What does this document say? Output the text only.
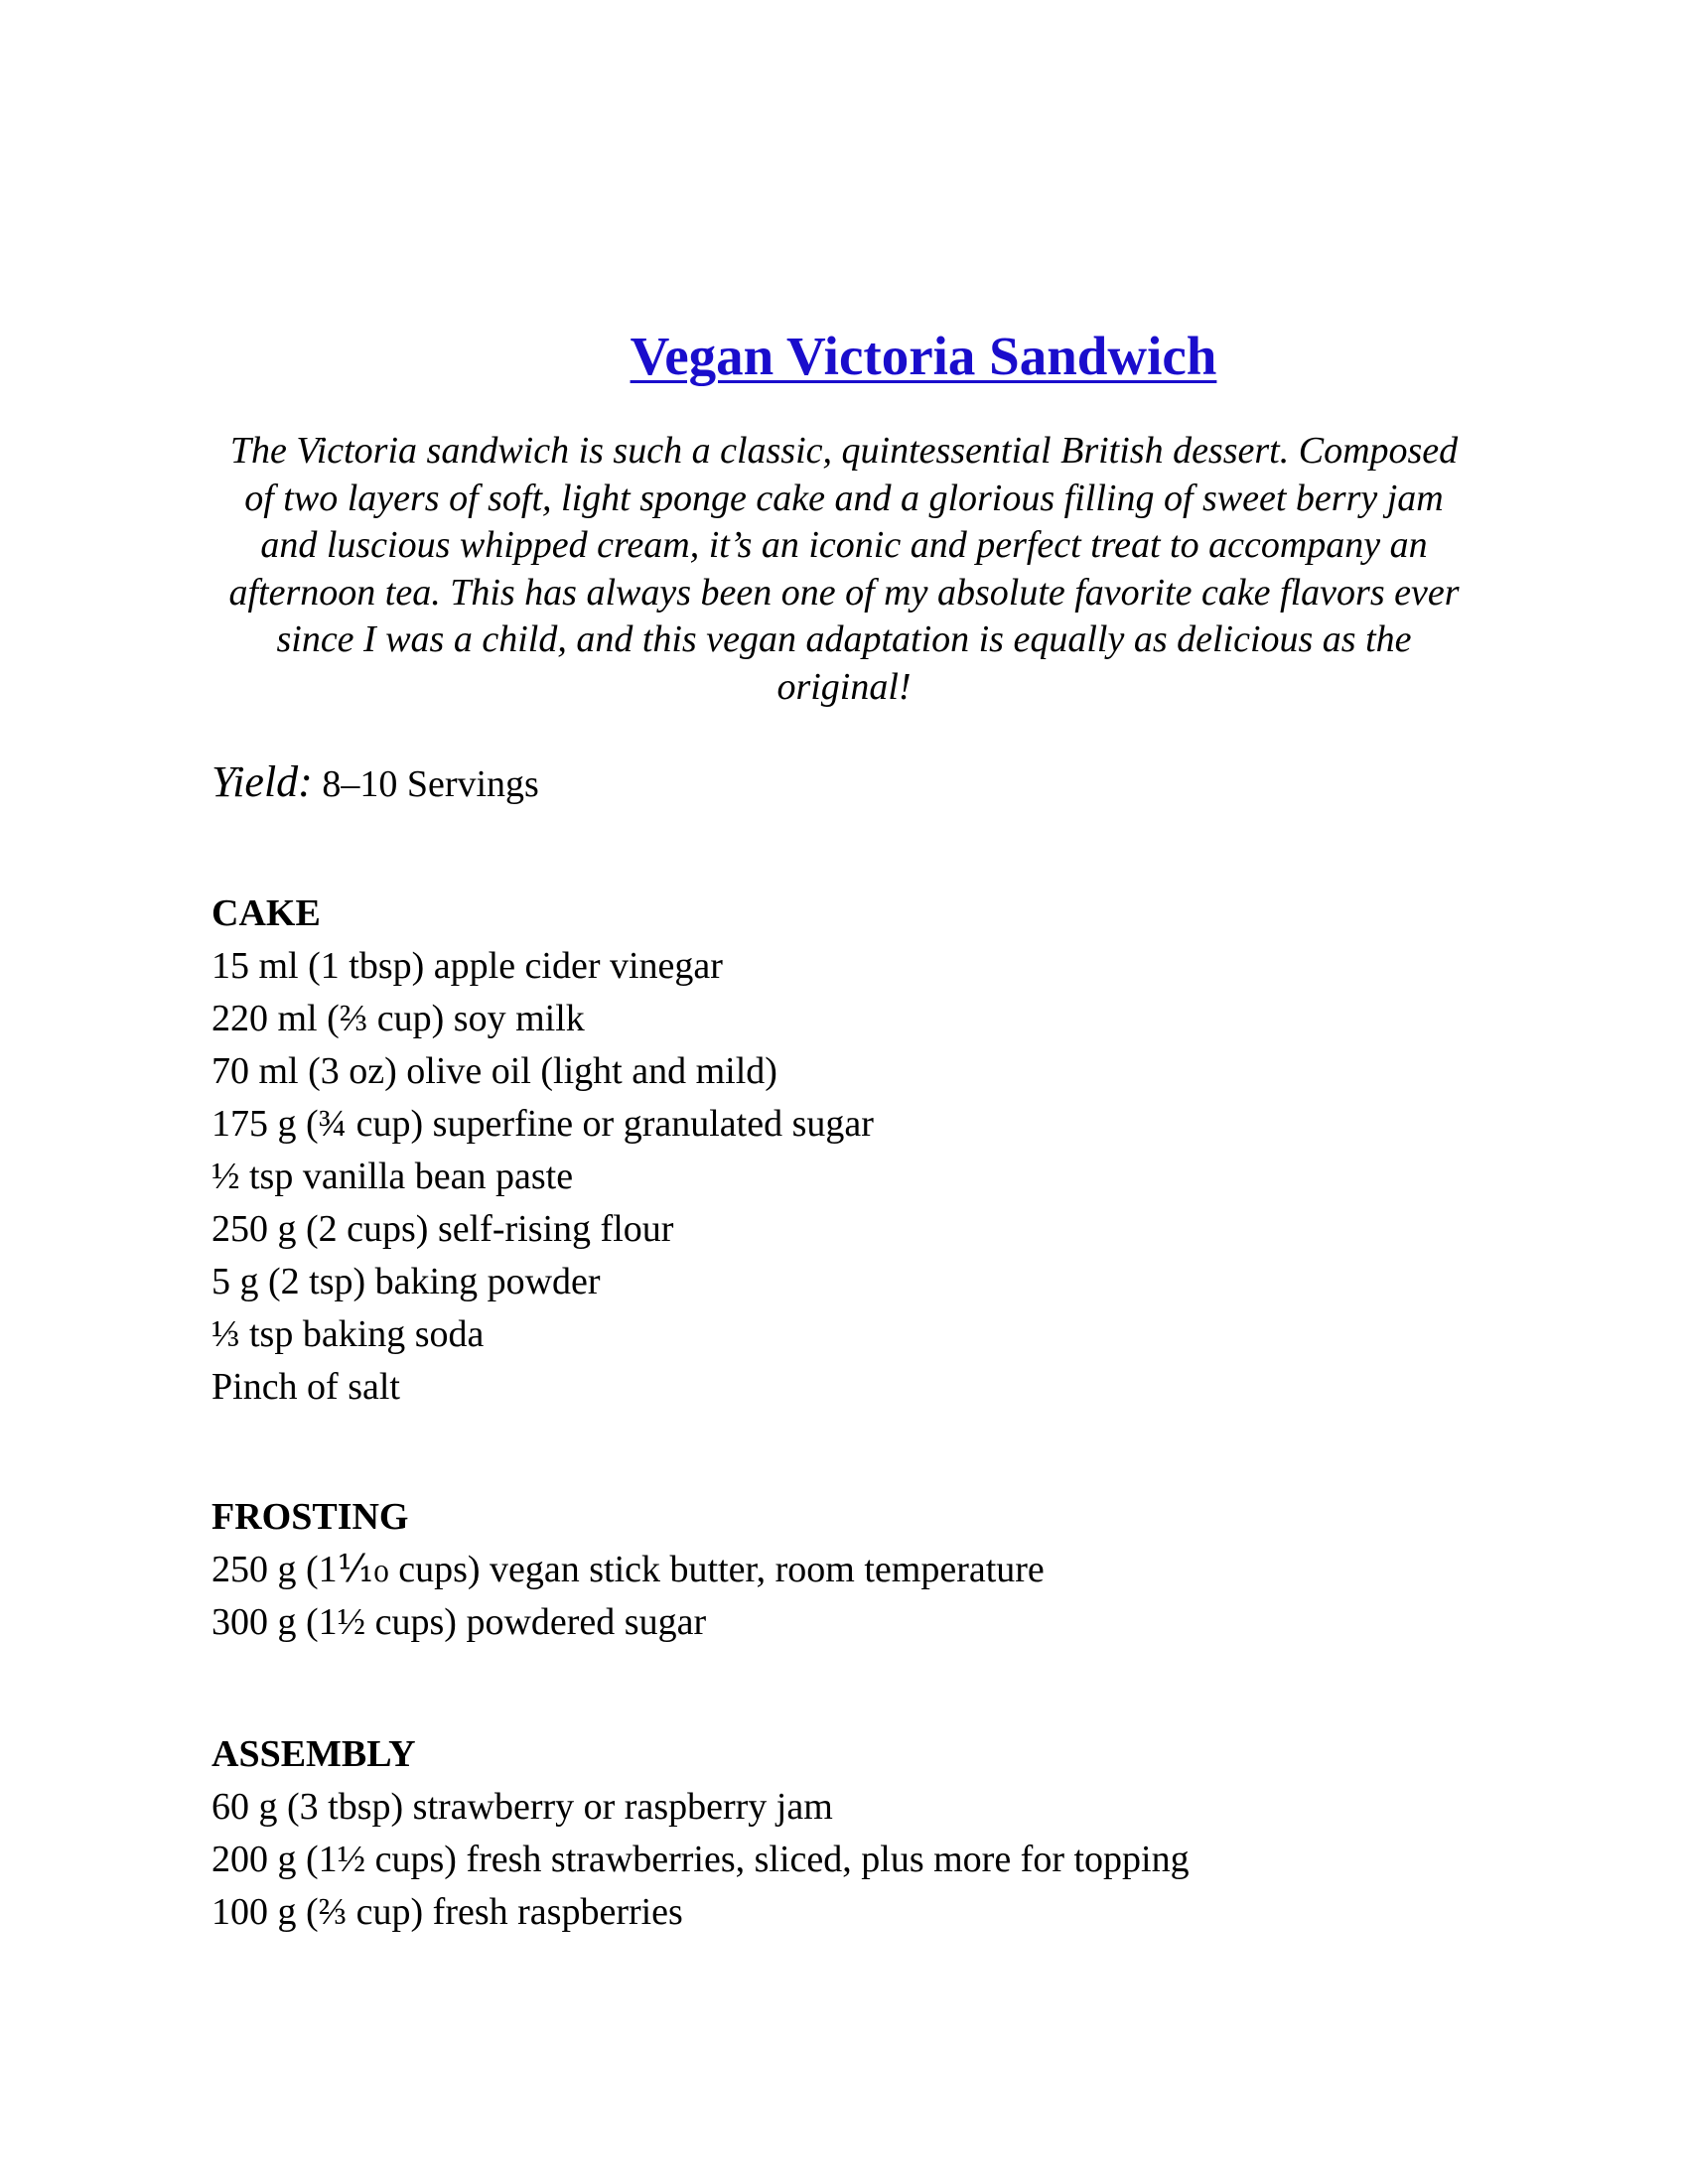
Vegan Victoria Sandwich

The Victoria sandwich is such a classic, quintessential British dessert. Composed of two layers of soft, light sponge cake and a glorious filling of sweet berry jam and luscious whipped cream, it’s an iconic and perfect treat to accompany an afternoon tea. This has always been one of my absolute favorite cake flavors ever since I was a child, and this vegan adaptation is equally as delicious as the original!

Yield: 8–10 Servings

CAKE
15 ml (1 tbsp) apple cider vinegar
220 ml (⅔ cup) soy milk
70 ml (3 oz) olive oil (light and mild)
175 g (¾ cup) superfine or granulated sugar
½ tsp vanilla bean paste
250 g (2 cups) self-rising flour
5 g (2 tsp) baking powder
⅓ tsp baking soda
Pinch of salt
FROSTING
250 g (1⅒ cups) vegan stick butter, room temperature
300 g (1½ cups) powdered sugar
ASSEMBLY
60 g (3 tbsp) strawberry or raspberry jam
200 g (1½ cups) fresh strawberries, sliced, plus more for topping
100 g (⅔ cup) fresh raspberries
